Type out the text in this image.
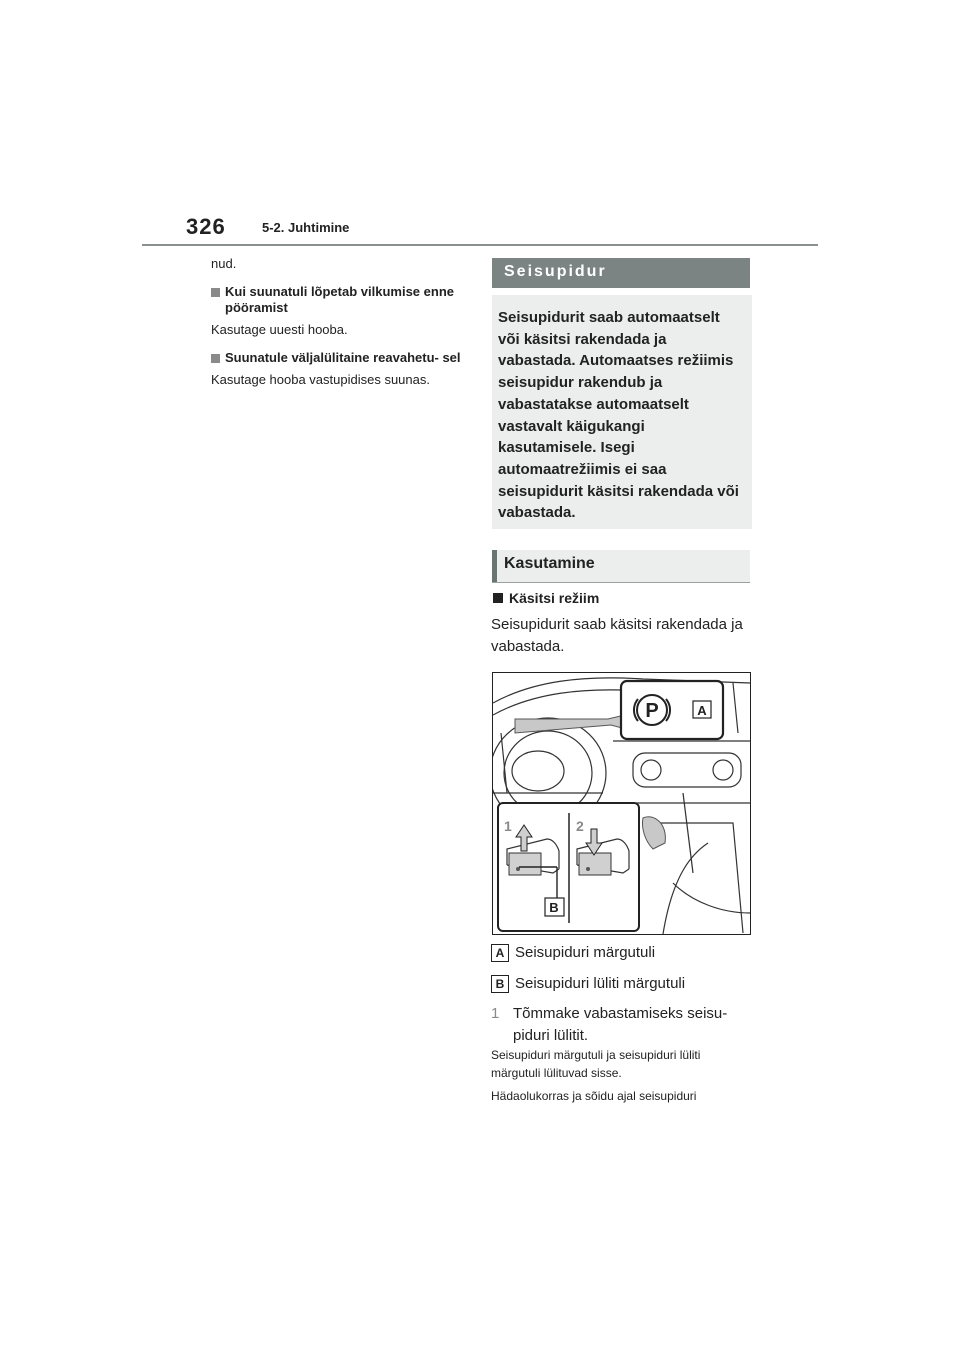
326	5-2. Juhtimine

nud.

Kui suunatuli lõpetab vilkumise enne pööramist

Kasutage uuesti hooba.

Suunatule väljalülitaine reavahetu- sel

Kasutage hooba vastupidises suunas.

Seisupidur

Seisupidurit saab automaatselt või käsitsi rakendada ja vabastada. Automaatses režiimis seisupidur rakendub ja vabastatakse automaatselt vastavalt käigukangi kasutamisele. Isegi automaatrežiimis ei saa seisupidurit käsitsi rakendada või vabastada.

Kasutamine
Käsitsi režiim

Seisupidurit saab käsitsi rakendada ja vabastada.

P	A
1	2
B
A Seisupiduri märgutuli
B Seisupiduri lüliti märgutuli
1 Tõmmake vabastamiseks seisu- piduri lülitit.

Seisupiduri märgutuli ja seisupiduri lüliti märgutuli lülituvad sisse.

Hädaolukorras ja sõidu ajal seisupiduri
